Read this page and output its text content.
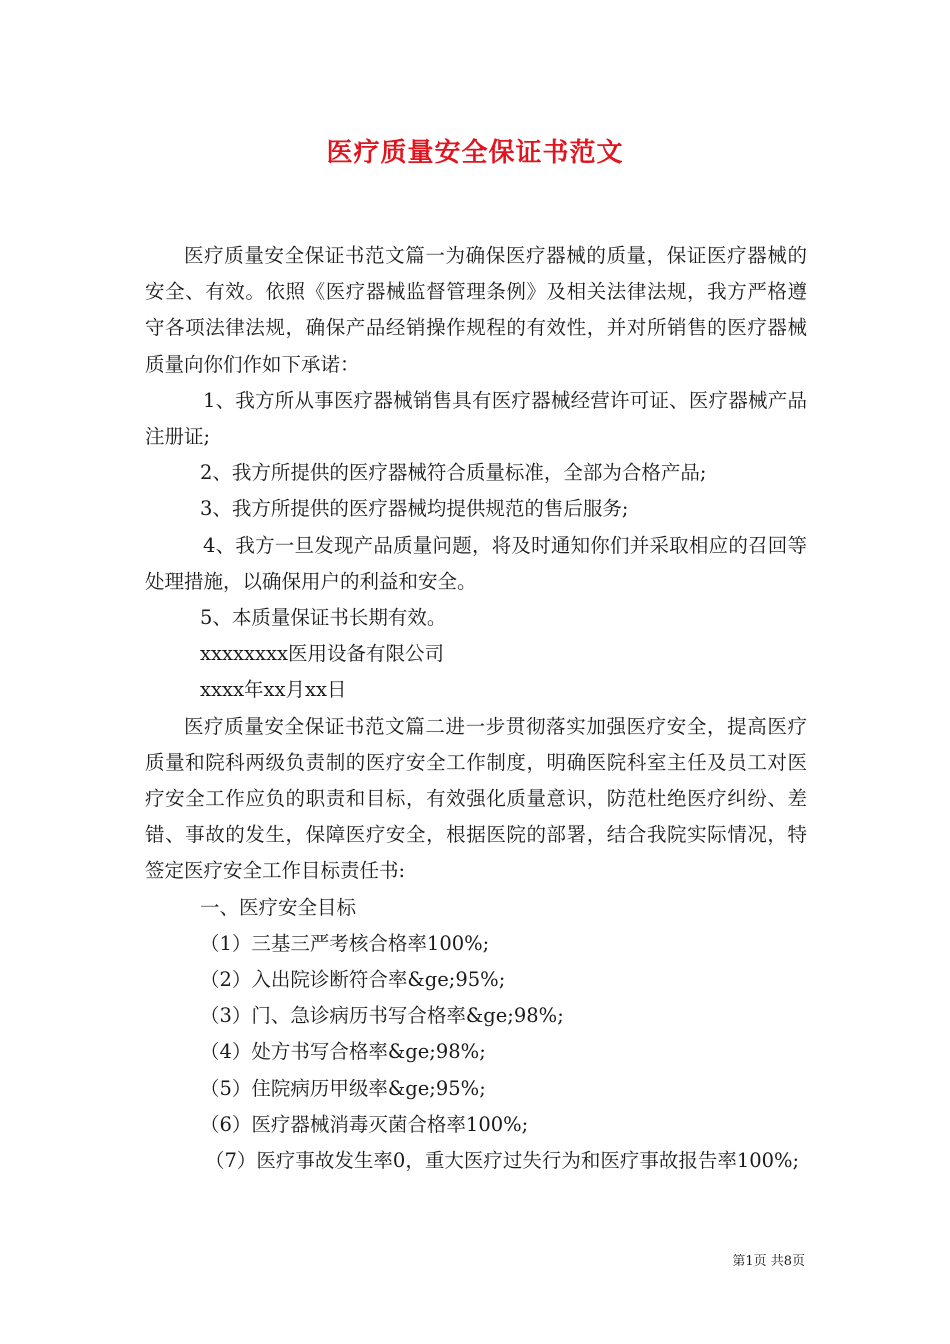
医疗质量安全保证书范文

医疗质量安全保证书范文篇一为确保医疗器械的质量，保证医疗器械的安全、有效。依照《医疗器械监督管理条例》及相关法律法规，我方严格遵守各项法律法规，确保产品经销操作规程的有效性，并对所销售的医疗器械质量向你们作如下承诺：

1、我方所从事医疗器械销售具有医疗器械经营许可证、医疗器械产品注册证;

2、我方所提供的医疗器械符合质量标准，全部为合格产品;

3、我方所提供的医疗器械均提供规范的售后服务;

4、我方一旦发现产品质量问题，将及时通知你们并采取相应的召回等处理措施，以确保用户的利益和安全。

5、本质量保证书长期有效。

xxxxxxxx医用设备有限公司

xxxx年xx月xx日

医疗质量安全保证书范文篇二进一步贯彻落实加强医疗安全，提高医疗质量和院科两级负责制的医疗安全工作制度，明确医院科室主任及员工对医疗安全工作应负的职责和目标，有效强化质量意识，防范杜绝医疗纠纷、差错、事故的发生，保障医疗安全，根据医院的部署，结合我院实际情况，特签定医疗安全工作目标责任书:

一、医疗安全目标

（1）三基三严考核合格率100%;

（2）入出院诊断符合率&ge;95%;

（3）门、急诊病历书写合格率&ge;98%;

（4）处方书写合格率&ge;98%;

（5）住院病历甲级率&ge;95%;

（6）医疗器械消毒灭菌合格率100%;

（7）医疗事故发生率0，重大医疗过失行为和医疗事故报告率100%;

第1页 共8页
